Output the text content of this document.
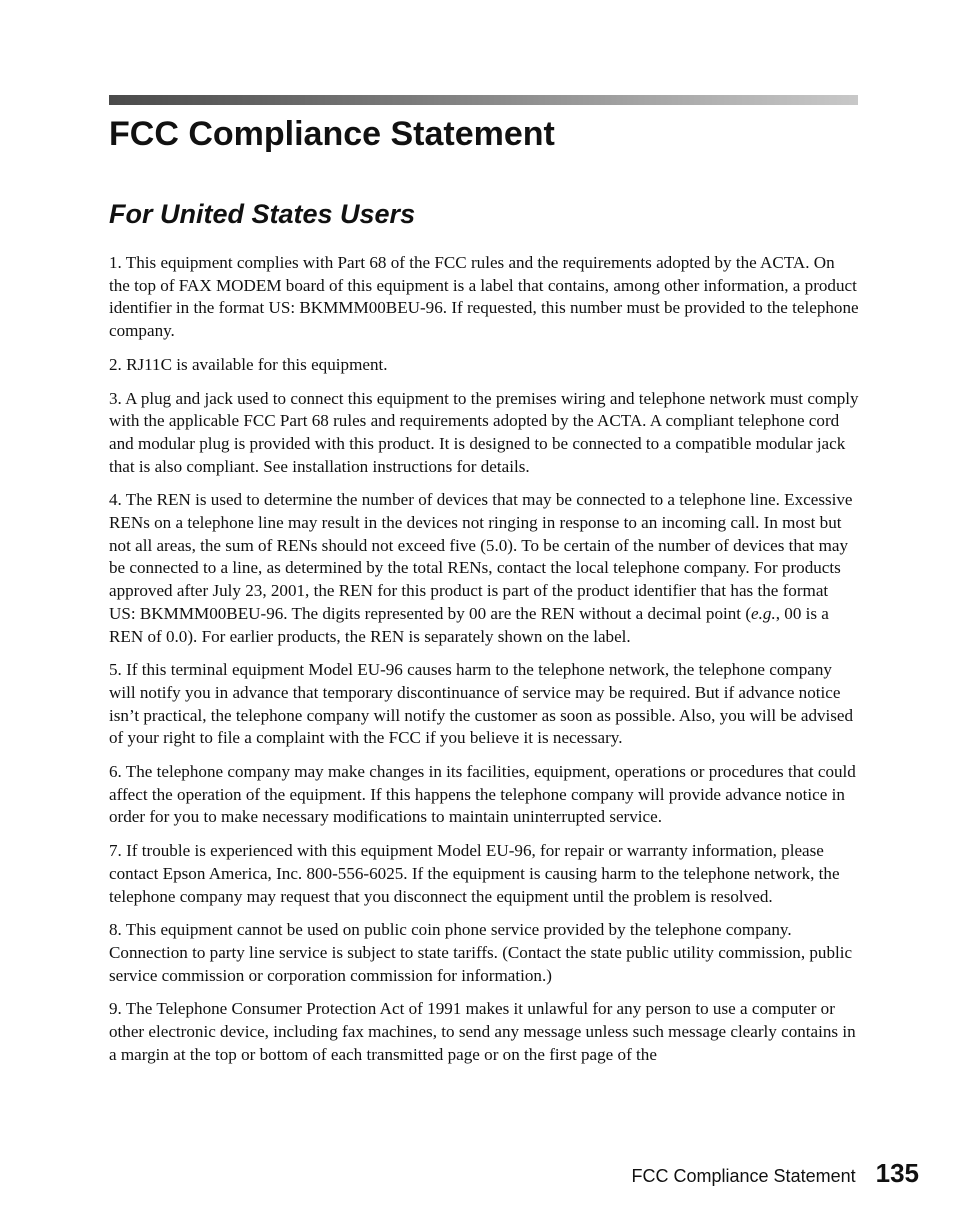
FCC Compliance Statement
For United States Users

1. This equipment complies with Part 68 of the FCC rules and the requirements adopted by the ACTA. On the top of FAX MODEM board of this equipment is a label that contains, among other information, a product identifier in the format US: BKMMM00BEU-96. If requested, this number must be provided to the telephone company.

2. RJ11C is available for this equipment.

3. A plug and jack used to connect this equipment to the premises wiring and telephone network must comply with the applicable FCC Part 68 rules and requirements adopted by the ACTA. A compliant telephone cord and modular plug is provided with this product. It is designed to be connected to a compatible modular jack that is also compliant. See installation instructions for details.

4. The REN is used to determine the number of devices that may be connected to a telephone line. Excessive RENs on a telephone line may result in the devices not ringing in response to an incoming call. In most but not all areas, the sum of RENs should not exceed five (5.0). To be certain of the number of devices that may be connected to a line, as determined by the total RENs, contact the local telephone company. For products approved after July 23, 2001, the REN for this product is part of the product identifier that has the format US: BKMMM00BEU-96. The digits represented by 00 are the REN without a decimal point (e.g., 00 is a REN of 0.0). For earlier products, the REN is separately shown on the label.

5. If this terminal equipment Model EU-96 causes harm to the telephone network, the telephone company will notify you in advance that temporary discontinuance of service may be required. But if advance notice isn’t practical, the telephone company will notify the customer as soon as possible. Also, you will be advised of your right to file a complaint with the FCC if you believe it is necessary.

6. The telephone company may make changes in its facilities, equipment, operations or procedures that could affect the operation of the equipment. If this happens the telephone company will provide advance notice in order for you to make necessary modifications to maintain uninterrupted service.

7. If trouble is experienced with this equipment Model EU-96, for repair or warranty information, please contact Epson America, Inc. 800-556-6025. If the equipment is causing harm to the telephone network, the telephone company may request that you disconnect the equipment until the problem is resolved.

8. This equipment cannot be used on public coin phone service provided by the telephone company. Connection to party line service is subject to state tariffs. (Contact the state public utility commission, public service commission or corporation commission for information.)

9. The Telephone Consumer Protection Act of 1991 makes it unlawful for any person to use a computer or other electronic device, including fax machines, to send any message unless such message clearly contains in a margin at the top or bottom of each transmitted page or on the first page of the

FCC Compliance Statement 135
